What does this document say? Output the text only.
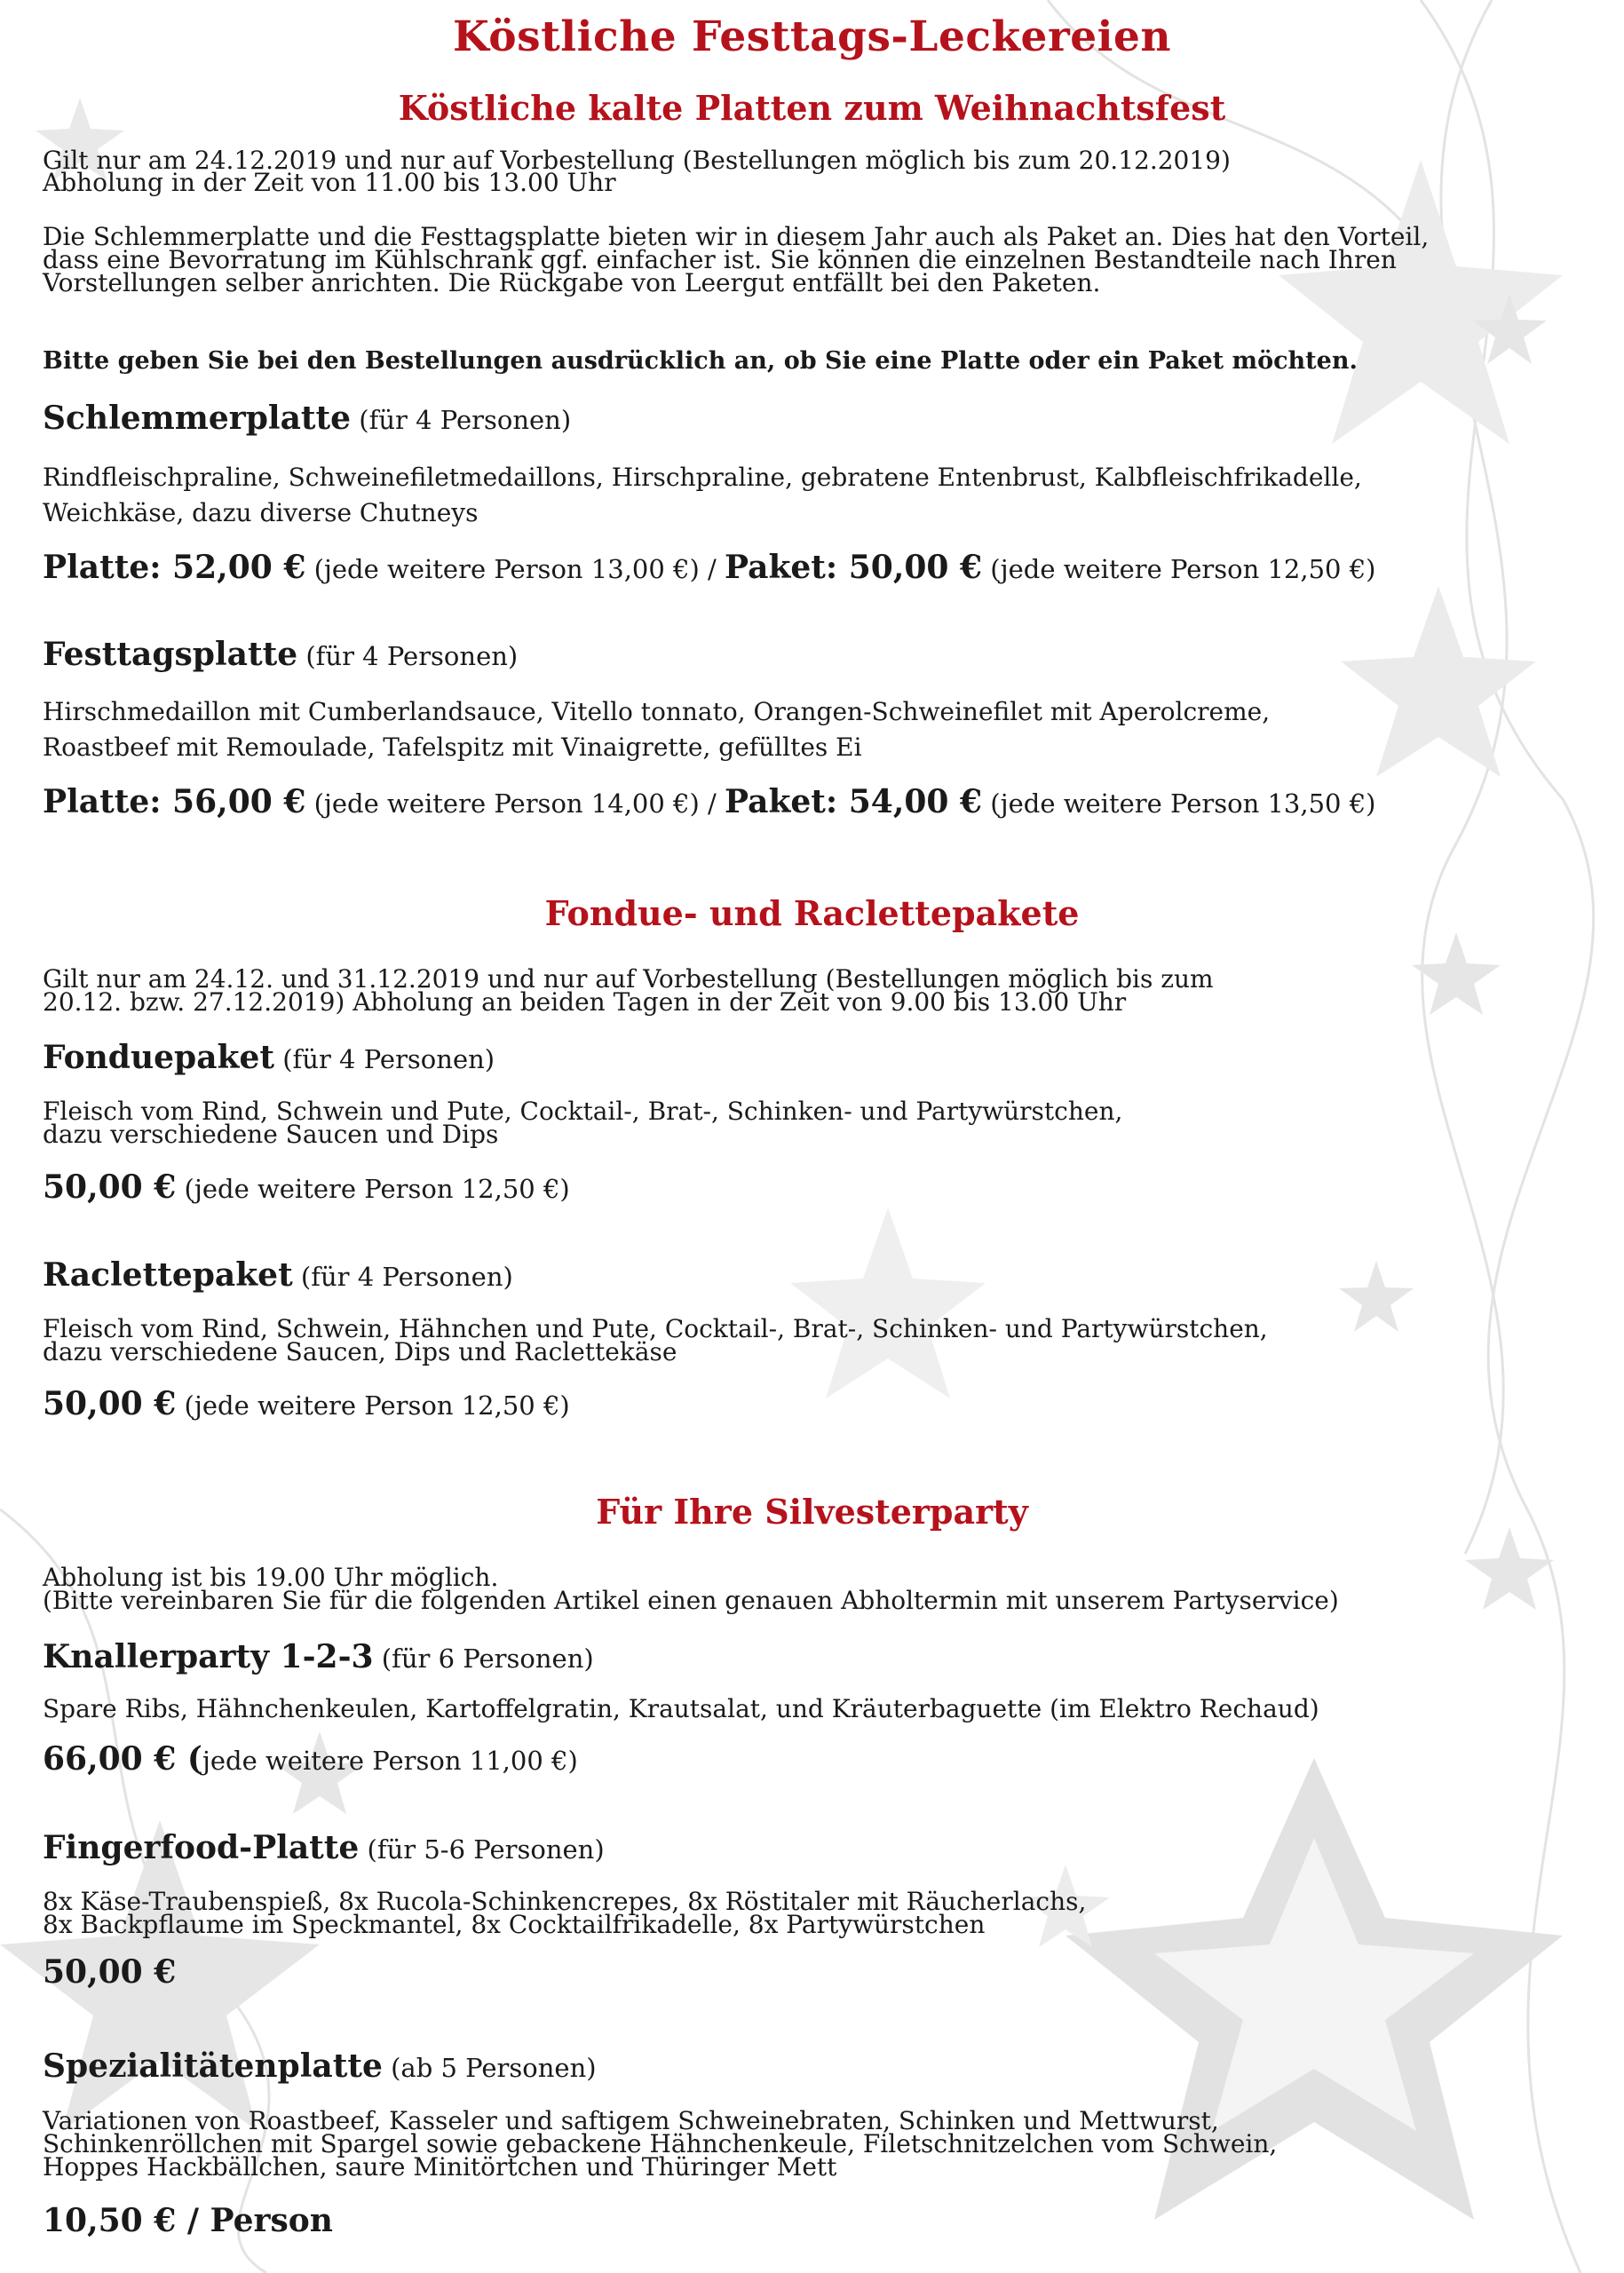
Köstliche Festtags-Leckereien
Köstliche kalte Platten zum Weihnachtsfest
Gilt nur am 24.12.2019 und nur auf Vorbestellung (Bestellungen möglich bis zum 20.12.2019)
Abholung in der Zeit von 11.00 bis 13.00 Uhr
Die Schlemmerplatte und die Festtagsplatte bieten wir in diesem Jahr auch als Paket an. Dies hat den Vorteil,
dass eine Bevorratung im Kühlschrank ggf. einfacher ist. Sie können die einzelnen Bestandteile nach Ihren
Vorstellungen selber anrichten. Die Rückgabe von Leergut entfällt bei den Paketen.
Bitte geben Sie bei den Bestellungen ausdrücklich an, ob Sie eine Platte oder ein Paket möchten.
Schlemmerplatte (für 4 Personen)
Rindfleischpraline, Schweinefiletmedaillons, Hirschpraline, gebratene Entenbrust, Kalbfleischfrikadelle,
Weichkäse, dazu diverse Chutneys
Platte: 52,00 € (jede weitere Person 13,00 €) / Paket: 50,00 € (jede weitere Person 12,50 €)
Festtagsplatte (für 4 Personen)
Hirschmedaillon mit Cumberlandsauce, Vitello tonnato, Orangen-Schweinefilet mit Aperolcreme,
Roastbeef mit Remoulade, Tafelspitz mit Vinaigrette, gefülltes Ei
Platte: 56,00 € (jede weitere Person 14,00 €) / Paket: 54,00 € (jede weitere Person 13,50 €)
Fondue- und Raclettepakete
Gilt nur am 24.12. und 31.12.2019 und nur auf Vorbestellung (Bestellungen möglich bis zum
20.12. bzw. 27.12.2019) Abholung an beiden Tagen in der Zeit von 9.00 bis 13.00 Uhr
Fonduepaket (für 4 Personen)
Fleisch vom Rind, Schwein und Pute, Cocktail-, Brat-, Schinken- und Partywürstchen,
dazu verschiedene Saucen und Dips
50,00 € (jede weitere Person 12,50 €)
Raclettepaket (für 4 Personen)
Fleisch vom Rind, Schwein, Hähnchen und Pute, Cocktail-, Brat-, Schinken- und Partywürstchen,
dazu verschiedene Saucen, Dips und Raclettekäse
50,00 € (jede weitere Person 12,50 €)
Für Ihre Silvesterparty
Abholung ist bis 19.00 Uhr möglich.
(Bitte vereinbaren Sie für die folgenden Artikel einen genauen Abholtermin mit unserem Partyservice)
Knallerparty 1-2-3 (für 6 Personen)
Spare Ribs, Hähnchenkeulen, Kartoffelgratin, Krautsalat, und Kräuterbaguette (im Elektro Rechaud)
66,00 € (jede weitere Person 11,00 €)
Fingerfood-Platte (für 5-6 Personen)
8x Käse-Traubenspieß, 8x Rucola-Schinkencrepes, 8x Röstitaler mit Räucherlachs,
8x Backpflaume im Speckmantel, 8x Cocktailfrikadelle, 8x Partywürstchen
50,00 €
Spezialitätenplatte (ab 5 Personen)
Variationen von Roastbeef, Kasseler und saftigem Schweinebraten, Schinken und Mettwurst,
Schinkenröllchen mit Spargel sowie gebackene Hähnchenkeule, Filetschnitzelchen vom Schwein,
Hoppes Hackbällchen, saure Minitörtchen und Thüringer Mett
10,50 € / Person
